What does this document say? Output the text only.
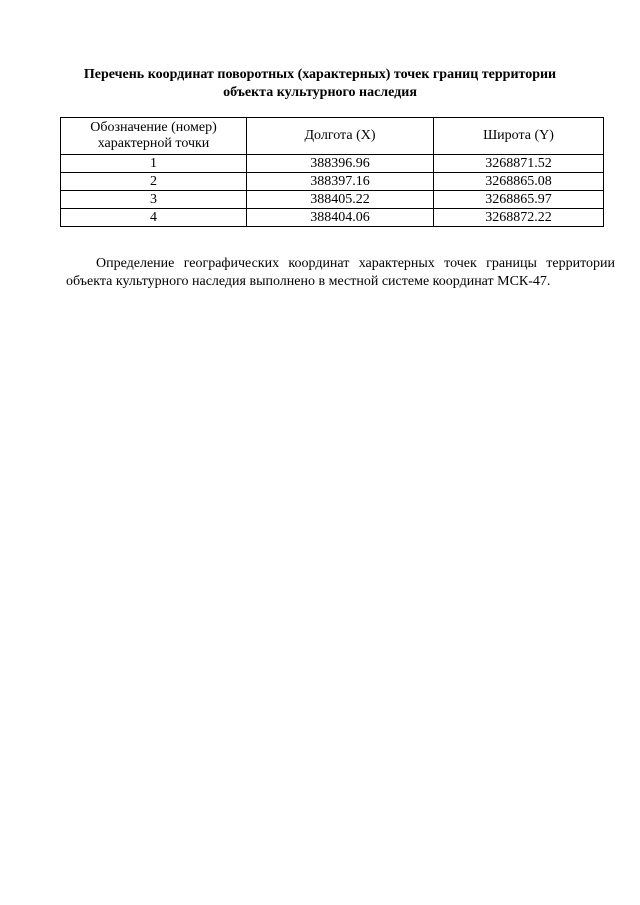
Перечень координат поворотных (характерных) точек границ территории
объекта культурного наследия
Обозначение (номер) характерной точки	Долгота (X)	Широта (Y)
1	388396.96	3268871.52
2	388397.16	3268865.08
3	388405.22	3268865.97
4	388404.06	3268872.22

Определение географических координат характерных точек границы территории объекта культурного наследия выполнено в местной системе координат МСК-47.
